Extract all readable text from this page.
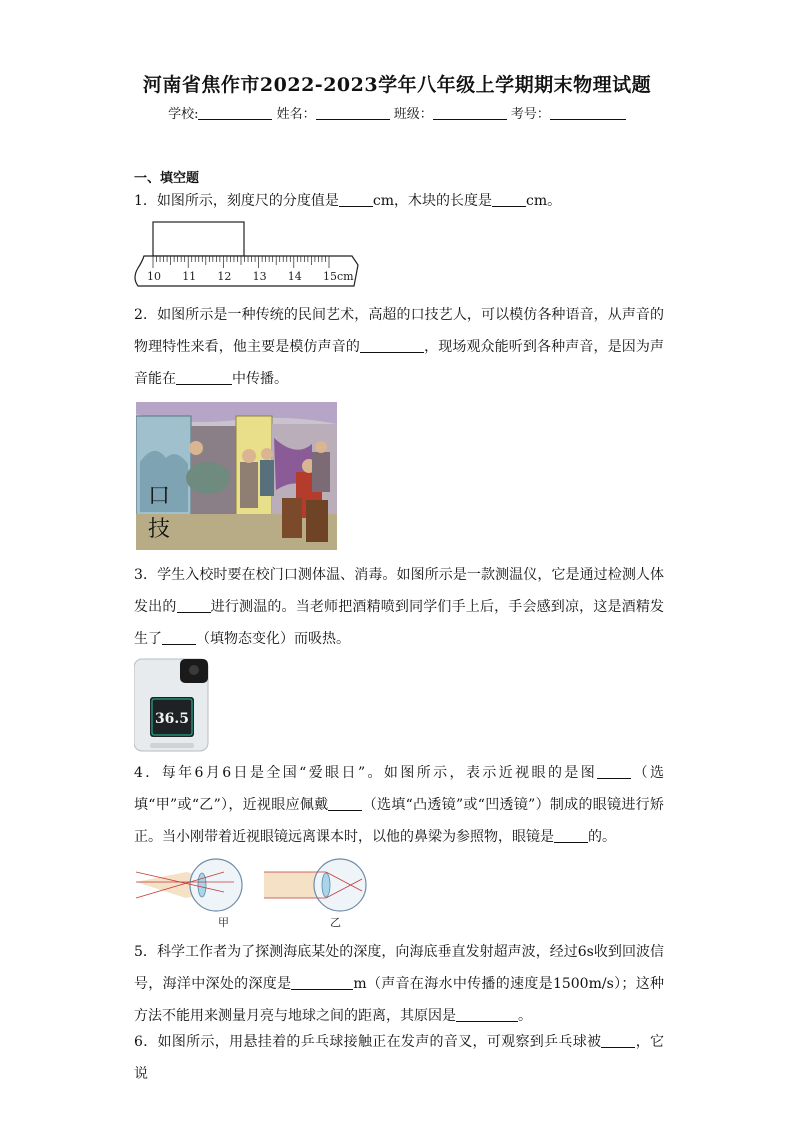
河南省焦作市2022-2023学年八年级上学期期末物理试题
学校:	姓名：	班级：	考号：
一、填空题
1．如图所示，刻度尺的分度值是 cm，木块的长度是 cm。
10 11 12 13 14 15cm
2．如图所示是一种传统的民间艺术，高超的口技艺人，可以模仿各种语音，从声音的物理特性来看，他主要是模仿声音的	，现场观众能听到各种声音，是因为声音能在	中传播。
口
技
3．学生入校时要在校门口测体温、消毒。如图所示是一款测温仪，它是通过检测人体发出的 进行测温的。当老师把酒精喷到同学们手上后，手会感到凉，这是酒精发生了 （填物态变化）而吸热。
36.5
4．每年6月6日是全国“爱眼日”。如图所示，表示近视眼的是图 （选填“甲”或“乙”），近视眼应佩戴 （选填“凸透镜”或“凹透镜”）制成的眼镜进行矫正。当小刚带着近视眼镜远离课本时，以他的鼻梁为参照物，眼镜是 的。
甲	乙
5．科学工作者为了探测海底某处的深度，向海底垂直发射超声波，经过6s收到回波信号，海洋中深处的深度是	m（声音在海水中传播的速度是1500m/s）；这种方法不能用来测量月亮与地球之间的距离，其原因是	。
6．如图所示，用悬挂着的乒乓球接触正在发声的音叉，可观察到乒乓球被 ，它说
